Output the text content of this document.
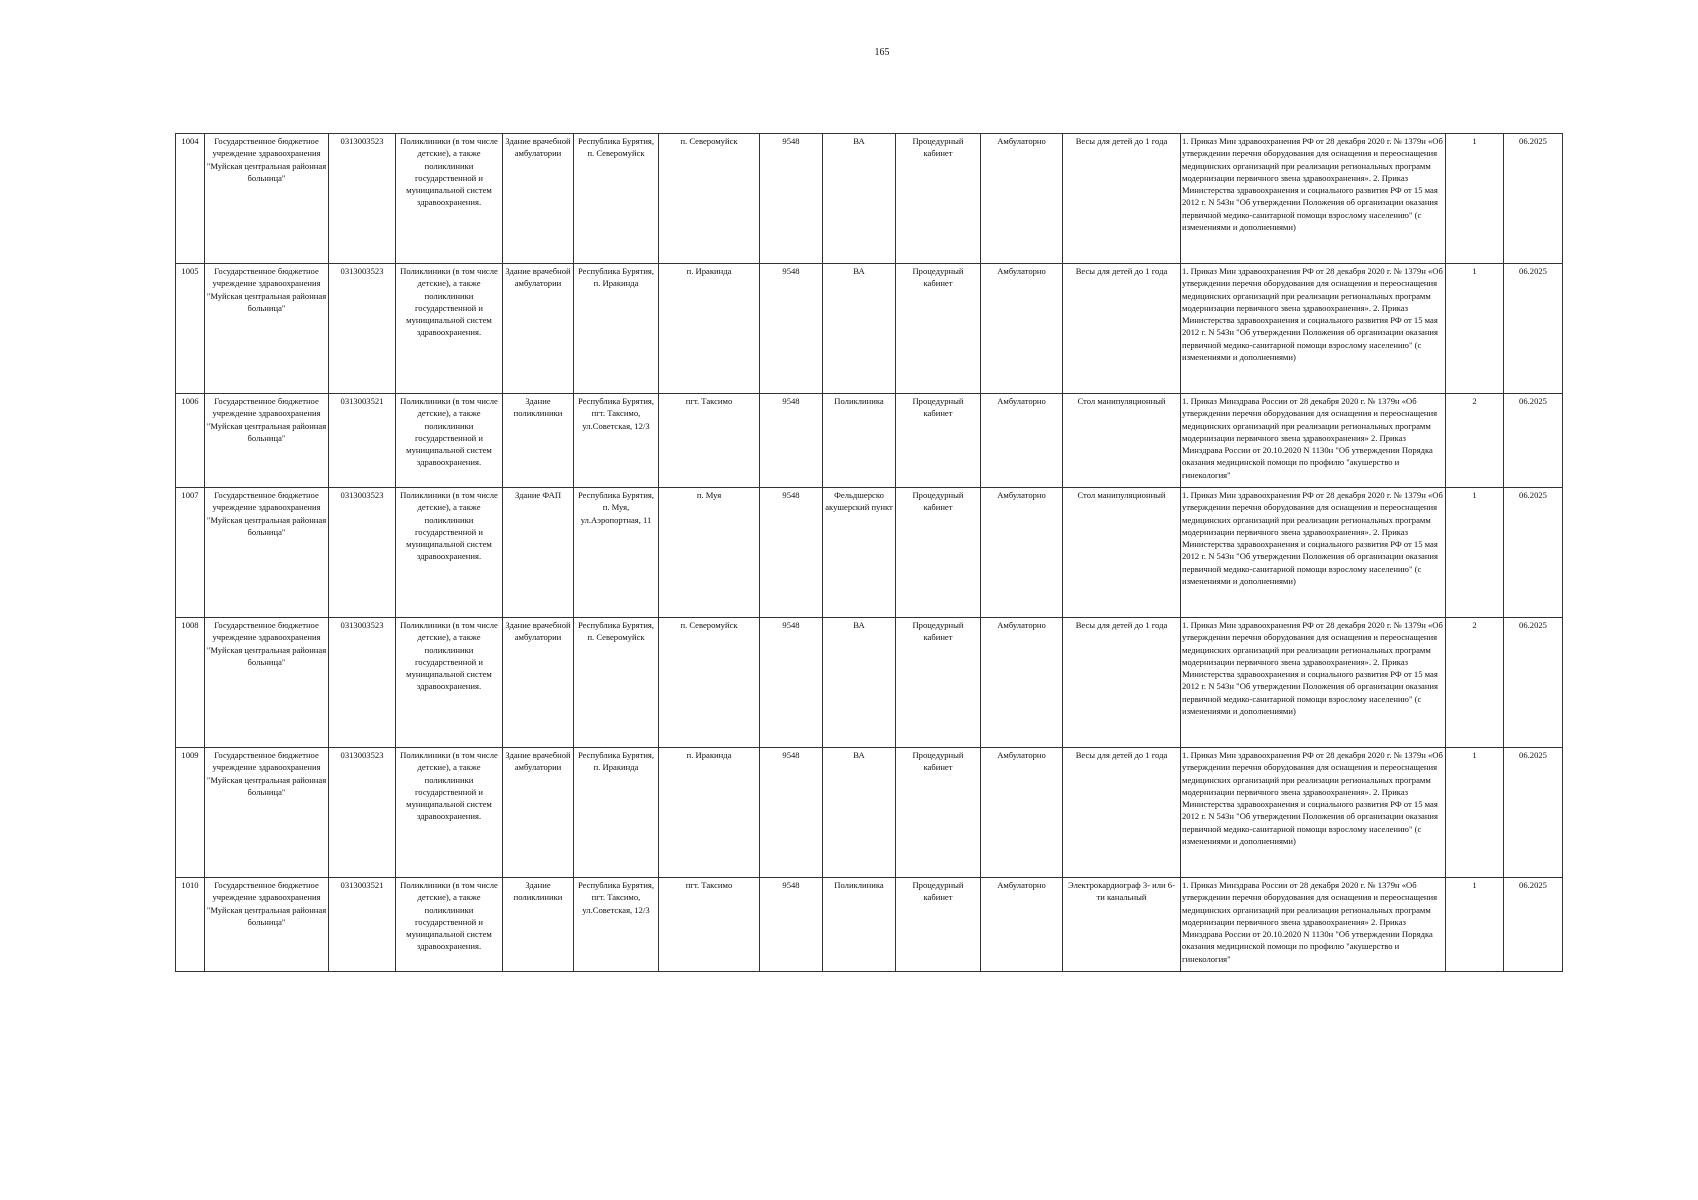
165
1004	Государственное бюджетное учреждение здравоохранения "Муйская центральная районная больница"	0313003523	Поликлиники (в том числе детские), а также поликлиники государственной и муниципальной систем здравоохранения.	Здание врачебной амбулатории	Республика Бурятия, п. Северомуйск	п. Северомуйск	9548	ВА	Процедурный кабинет	Амбулаторно	Весы для детей до 1 года	1. Приказ Мин здравоохранения РФ от 28 декабря 2020 г. № 1379н «Об утверждении перечня оборудования для оснащения и переоснащения медицинских организаций при реализации региональных программ модернизации первичного звена здравоохранения». 2. Приказ Министерства здравоохранения и социального развития РФ от 15 мая 2012 г. N 543н "Об утверждении Положения об организации оказания первичной медико-санитарной помощи взрослому населению" (с изменениями и дополнениями)	1	06.2025
1005	Государственное бюджетное учреждение здравоохранения "Муйская центральная районная больница"	0313003523	Поликлиники (в том числе детские), а также поликлиники государственной и муниципальной систем здравоохранения.	Здание врачебной амбулатории	Республика Бурятия, п. Иракинда	п. Иракинда	9548	ВА	Процедурный кабинет	Амбулаторно	Весы для детей до 1 года	1. Приказ Мин здравоохранения РФ от 28 декабря 2020 г. № 1379н «Об утверждении перечня оборудования для оснащения и переоснащения медицинских организаций при реализации региональных программ модернизации первичного звена здравоохранения». 2. Приказ Министерства здравоохранения и социального развития РФ от 15 мая 2012 г. N 543н "Об утверждении Положения об организации оказания первичной медико-санитарной помощи взрослому населению" (с изменениями и дополнениями)	1	06.2025
1006	Государственное бюджетное учреждение здравоохранения "Муйская центральная районная больница"	0313003521	Поликлиники (в том числе детские), а также поликлиники государственной и муниципальной систем здравоохранения.	Здание поликлиники	Республика Бурятия, пгт. Таксимо, ул.Советская, 12/3	пгт. Таксимо	9548	Поликлиника	Процедурный кабинет	Амбулаторно	Стол манипуляционный	1. Приказ Минздрава России от 28 декабря 2020 г. № 1379н «Об утверждении перечня оборудования для оснащения и переоснащения медицинских организаций при реализации региональных программ модернизации первичного звена здравоохранения» 2. Приказ Минздрава России от 20.10.2020 N 1130н "Об утверждении Порядка оказания медицинской помощи по профилю "акушерство и гинекология"	2	06.2025
1007	Государственное бюджетное учреждение здравоохранения "Муйская центральная районная больница"	0313003523	Поликлиники (в том числе детские), а также поликлиники государственной и муниципальной систем здравоохранения.	Здание ФАП	Республика Бурятия, п. Муя, ул.Аэропортная, 11	п. Муя	9548	Фельдшерско акушерский пункт	Процедурный кабинет	Амбулаторно	Стол манипуляционный	1. Приказ Мин здравоохранения РФ от 28 декабря 2020 г. № 1379н «Об утверждении перечня оборудования для оснащения и переоснащения медицинских организаций при реализации региональных программ модернизации первичного звена здравоохранения». 2. Приказ Министерства здравоохранения и социального развития РФ от 15 мая 2012 г. N 543н "Об утверждении Положения об организации оказания первичной медико-санитарной помощи взрослому населению" (с изменениями и дополнениями)	1	06.2025
1008	Государственное бюджетное учреждение здравоохранения "Муйская центральная районная больница"	0313003523	Поликлиники (в том числе детские), а также поликлиники государственной и муниципальной систем здравоохранения.	Здание врачебной амбулатории	Республика Бурятия, п. Северомуйск	п. Северомуйск	9548	ВА	Процедурный кабинет	Амбулаторно	Весы для детей до 1 года	1. Приказ Мин здравоохранения РФ от 28 декабря 2020 г. № 1379н «Об утверждении перечня оборудования для оснащения и переоснащения медицинских организаций при реализации региональных программ модернизации первичного звена здравоохранения». 2. Приказ Министерства здравоохранения и социального развития РФ от 15 мая 2012 г. N 543н "Об утверждении Положения об организации оказания первичной медико-санитарной помощи взрослому населению" (с изменениями и дополнениями)	2	06.2025
1009	Государственное бюджетное учреждение здравоохранения "Муйская центральная районная больница"	0313003523	Поликлиники (в том числе детские), а также поликлиники государственной и муниципальной систем здравоохранения.	Здание врачебной амбулатории	Республика Бурятия, п. Иракинда	п. Иракинда	9548	ВА	Процедурный кабинет	Амбулаторно	Весы для детей до 1 года	1. Приказ Мин здравоохранения РФ от 28 декабря 2020 г. № 1379н «Об утверждении перечня оборудования для оснащения и переоснащения медицинских организаций при реализации региональных программ модернизации первичного звена здравоохранения». 2. Приказ Министерства здравоохранения и социального развития РФ от 15 мая 2012 г. N 543н "Об утверждении Положения об организации оказания первичной медико-санитарной помощи взрослому населению" (с изменениями и дополнениями)	1	06.2025
1010	Государственное бюджетное учреждение здравоохранения "Муйская центральная районная больница"	0313003521	Поликлиники (в том числе детские), а также поликлиники государственной и муниципальной систем здравоохранения.	Здание поликлиники	Республика Бурятия, пгт. Таксимо, ул.Советская, 12/3	пгт. Таксимо	9548	Поликлиника	Процедурный кабинет	Амбулаторно	Электрокардиограф 3- или 6-ти канальный	1. Приказ Минздрава России от 28 декабря 2020 г. № 1379н «Об утверждении перечня оборудования для оснащения и переоснащения медицинских организаций при реализации региональных программ модернизации первичного звена здравоохранения» 2. Приказ Минздрава России от 20.10.2020 N 1130н "Об утверждении Порядка оказания медицинской помощи по профилю "акушерство и гинекология"	1	06.2025
